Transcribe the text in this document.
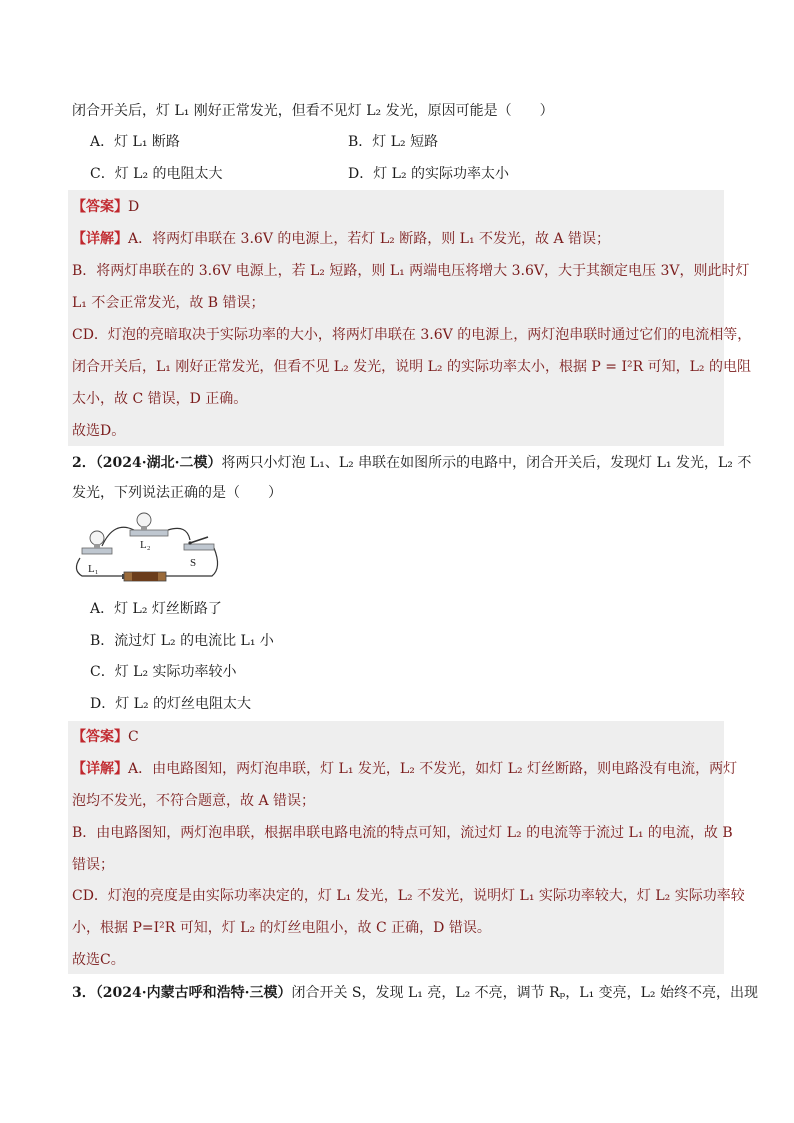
闭合开关后，灯 L₁ 刚好正常发光，但看不见灯 L₂ 发光，原因可能是（　　）
A．灯 L₁ 断路	B．灯 L₂ 短路
C．灯 L₂ 的电阻太大	D．灯 L₂ 的实际功率太小
【答案】D
【详解】A．将两灯串联在 3.6V 的电源上，若灯 L₂ 断路，则 L₁ 不发光，故 A 错误；
B．将两灯串联在的 3.6V 电源上，若 L₂ 短路，则 L₁ 两端电压将增大 3.6V，大于其额定电压 3V，则此时灯
L₁ 不会正常发光，故 B 错误；
CD．灯泡的亮暗取决于实际功率的大小，将两灯串联在 3.6V 的电源上，两灯泡串联时通过它们的电流相等，
闭合开关后，L₁ 刚好正常发光，但看不见 L₂ 发光，说明 L₂ 的实际功率太小，根据 P = I²R 可知，L₂ 的电阻
太小，故 C 错误，D 正确。
故选D。
2．（2024·湖北·二模）将两只小灯泡 L₁、L₂ 串联在如图所示的电路中，闭合开关后，发现灯 L₁ 发光，L₂ 不
发光，下列说法正确的是（　　）
L₁
L₂
S
A．灯 L₂ 灯丝断路了
B．流过灯 L₂ 的电流比 L₁ 小
C．灯 L₂ 实际功率较小
D．灯 L₂ 的灯丝电阻太大
【答案】C
【详解】A．由电路图知，两灯泡串联，灯 L₁ 发光，L₂ 不发光，如灯 L₂ 灯丝断路，则电路没有电流，两灯
泡均不发光，不符合题意，故 A 错误；
B．由电路图知，两灯泡串联，根据串联电路电流的特点可知，流过灯 L₂ 的电流等于流过 L₁ 的电流，故 B
错误；
CD．灯泡的亮度是由实际功率决定的，灯 L₁ 发光，L₂ 不发光，说明灯 L₁ 实际功率较大，灯 L₂ 实际功率较
小，根据 P=I²R 可知，灯 L₂ 的灯丝电阻小，故 C 正确，D 错误。
故选C。
3．（2024·内蒙古呼和浩特·三模）闭合开关 S，发现 L₁ 亮，L₂ 不亮，调节 Rₚ，L₁ 变亮，L₂ 始终不亮，出现
